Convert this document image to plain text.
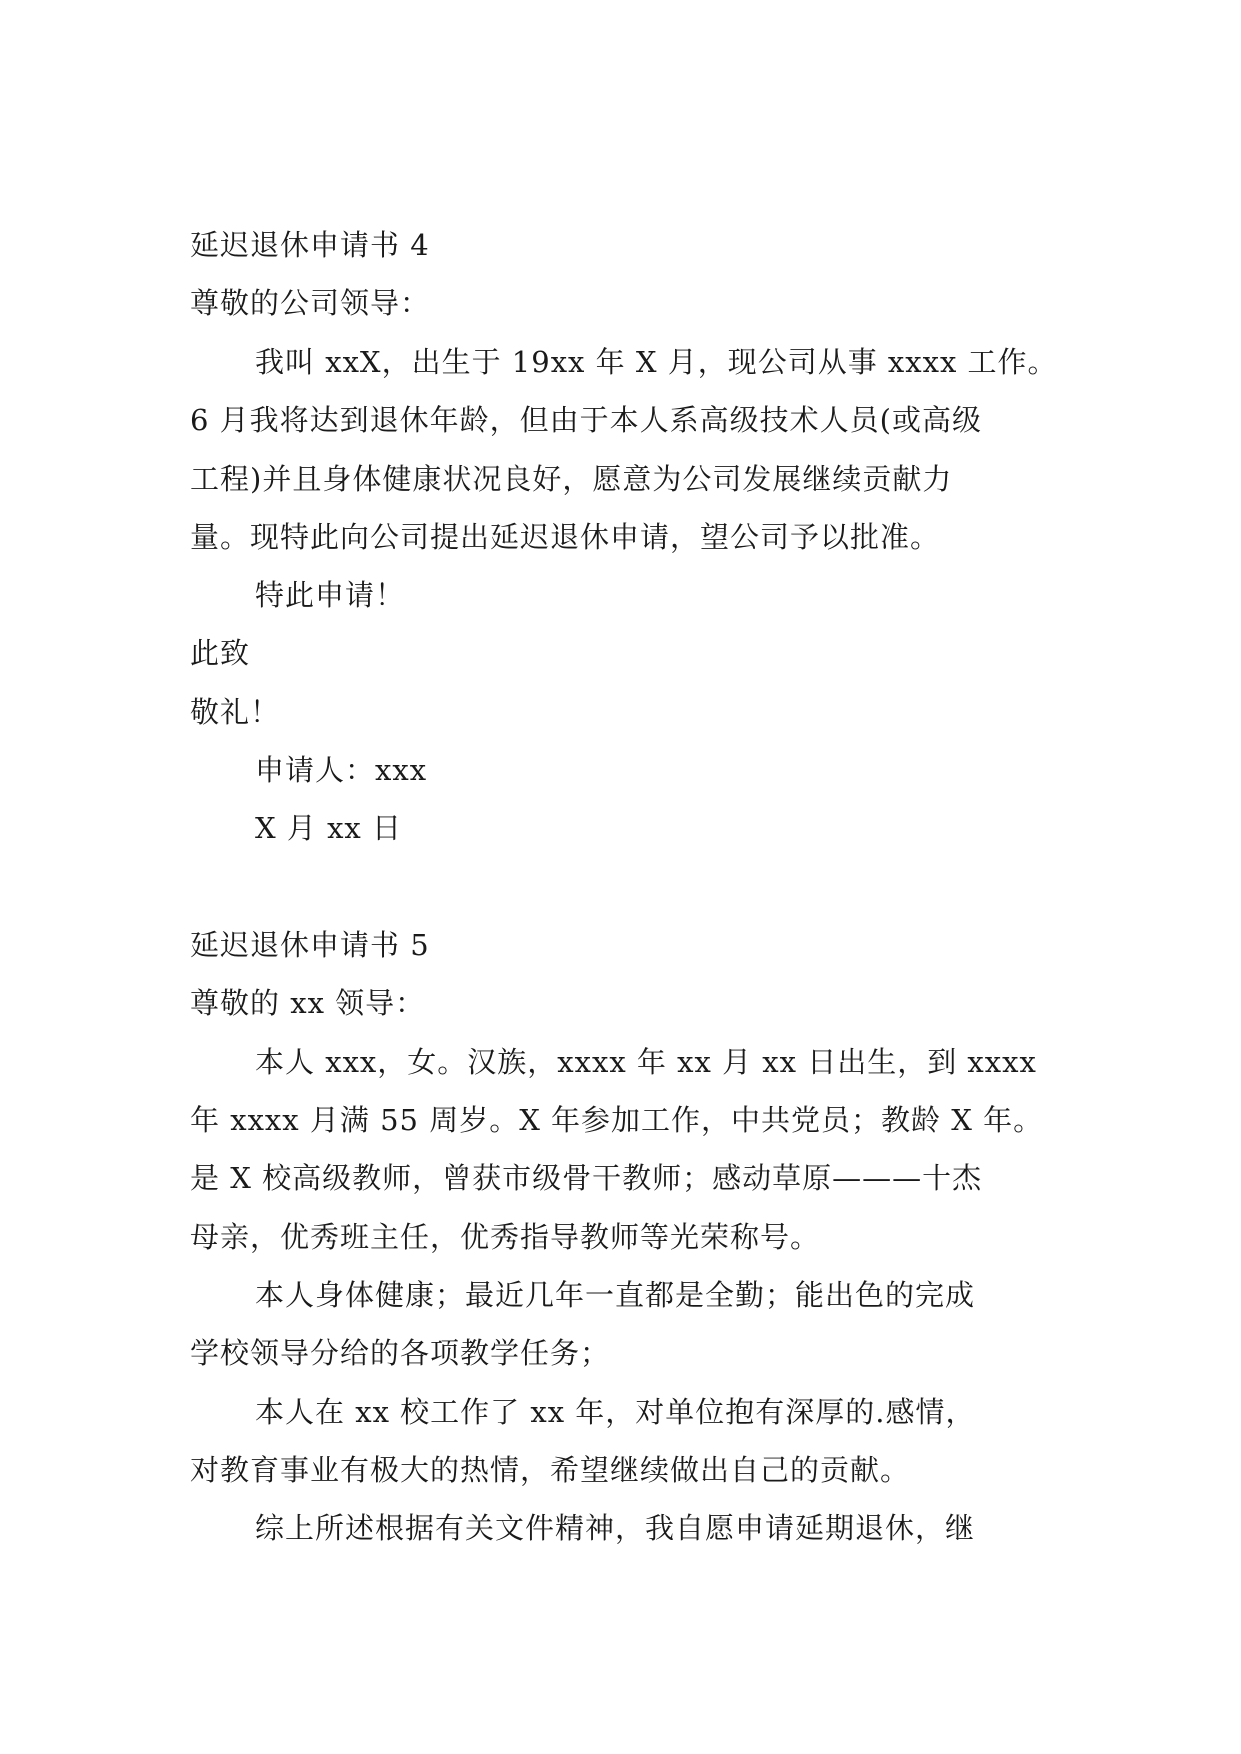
延迟退休申请书 4
尊敬的公司领导：
我叫 xxX，出生于 19xx 年 X 月，现公司从事 xxxx 工作。
6 月我将达到退休年龄，但由于本人系高级技术人员(或高级
工程)并且身体健康状况良好，愿意为公司发展继续贡献力
量。现特此向公司提出延迟退休申请，望公司予以批准。
特此申请！
此致
敬礼！
申请人：xxx
X 月 xx 日
延迟退休申请书 5
尊敬的 xx 领导：
本人 xxx，女。汉族，xxxx 年 xx 月 xx 日出生，到 xxxx
年 xxxx 月满 55 周岁。X 年参加工作，中共党员；教龄 X 年。
是 X 校高级教师，曾获市级骨干教师；感动草原———十杰
母亲，优秀班主任，优秀指导教师等光荣称号。
本人身体健康；最近几年一直都是全勤；能出色的完成
学校领导分给的各项教学任务；
本人在 xx 校工作了 xx 年，对单位抱有深厚的.感情，
对教育事业有极大的热情，希望继续做出自己的贡献。
综上所述根据有关文件精神，我自愿申请延期退休，继
